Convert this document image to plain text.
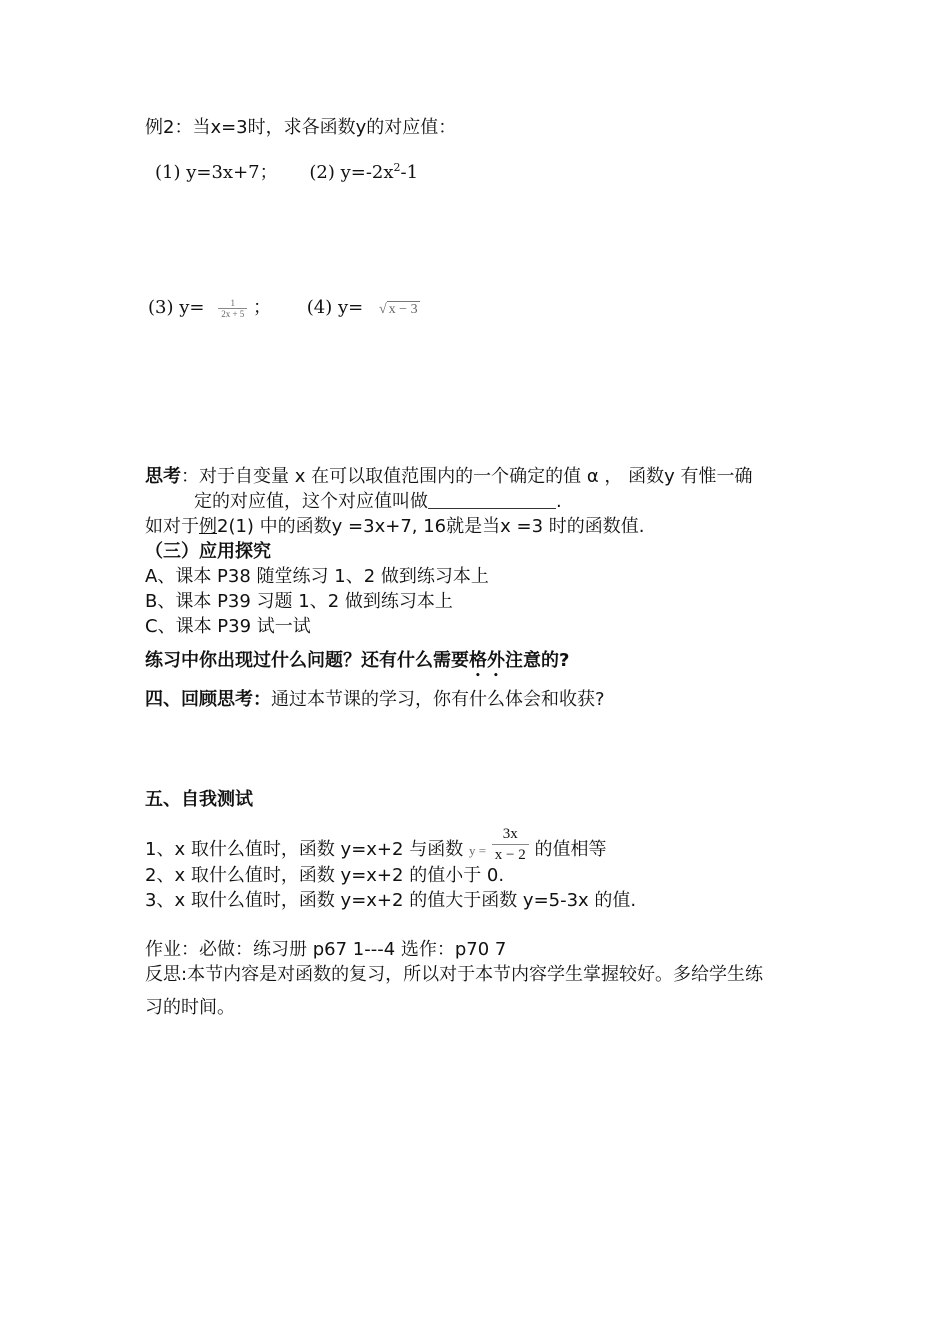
例2：当x=3时，求各函数y的对应值：
(1) y=3x+7； (2) $y=-2x^2-1$
(3) $y= \frac{1}{2x + 5}$ ； (4) y= √ x − 3
思考：对于自变量 x 在可以取值范围内的一个确定的值 α ， 函数y 有惟一确
定的对应值，这个对应值叫做	.
如对于例2(1) 中的函数y =3x+7, 16就是当x =3 时的函数值.
（三）应用探究
A、课本 P38 随堂练习 1、2 做到练习本上
B、课本 P39 习题 1、2 做到练习本上
C、课本 P39 试一试
练习中你出现过什么问题？还有什么需要格外注意的?
四、回顾思考：通过本节课的学习，你有什么体会和收获?
五、自我测试
1、x 取什么值时，函数 y=x+2 与函数 $y = \frac{3x}{x - 2}$ 的值相等
2、x 取什么值时，函数 y=x+2 的值小于 0.
3、x 取什么值时，函数 y=x+2 的值大于函数 y=5-3x 的值.
作业：必做：练习册 p67 1---4 选作：p70 7
反思:本节内容是对函数的复习，所以对于本节内容学生掌握较好。多给学生练
习的时间。
